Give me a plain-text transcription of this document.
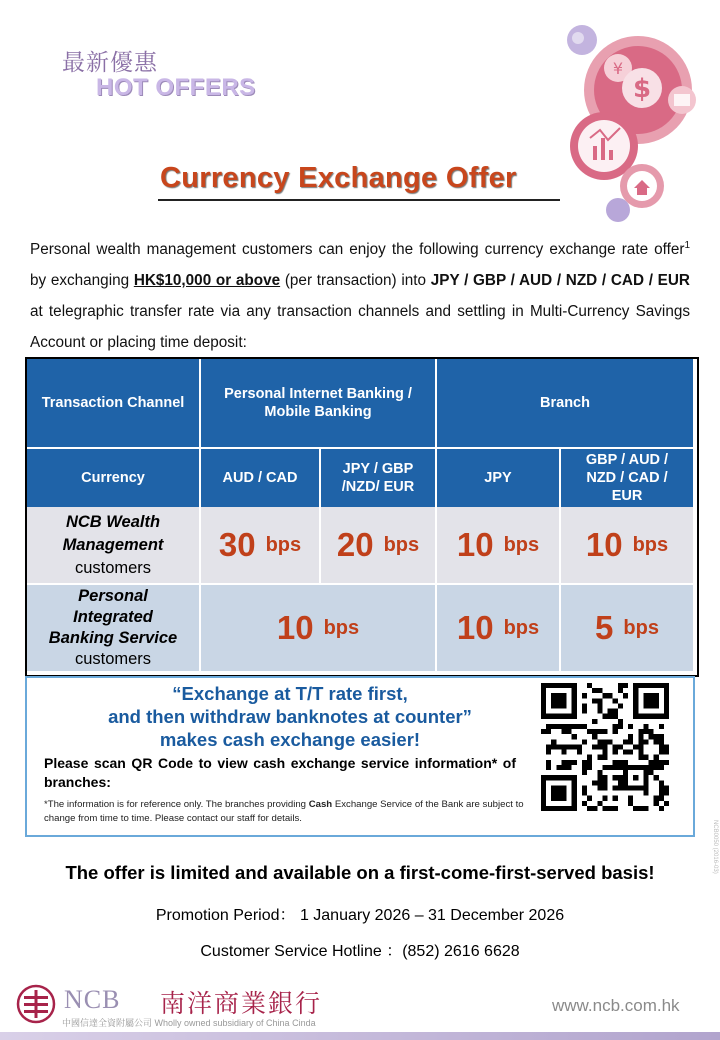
¥
$
最新優惠
HOT OFFERS
Currency Exchange Offer
Personal wealth management customers can enjoy the following currency exchange rate offer$^1$ by exchanging HK$10,000 or above (per transaction) into JPY / GBP / AUD / NZD / CAD / EUR at telegraphic transfer rate via any transaction channels and settling in Multi-Currency Savings Account or placing time deposit:
Transaction Channel
Personal Internet Banking / Mobile Banking
Branch
Currency	AUD / CAD
JPY / GBP /NZD/ EUR
JPY
GBP / AUD / NZD / CAD / EUR
NCB Wealth
Management
customers
30 bps 20 bps 10 bps 10 bps
Personal
Integrated
Banking Service
customers
10 bps	10 bps 5 bps
“Exchange at T/T rate first,
and then withdraw banknotes at counter”
makes cash exchange easier!
Please scan QR Code to view cash exchange service information* of branches:
*The information is for reference only. The branches providing Cash Exchange Service of the Bank are subject to change from time to time. Please contact our staff for details.
The offer is limited and available on a first-come-first-served basis!
Promotion Period： 1 January 2026 – 31 December 2026
Customer Service Hotline ：(852) 2616 6628
NCB0050 (2016-03)
NCB 南洋商業銀行
中國信達全資附屬公司 Wholly owned subsidiary of China Cinda
www.ncb.com.hk
